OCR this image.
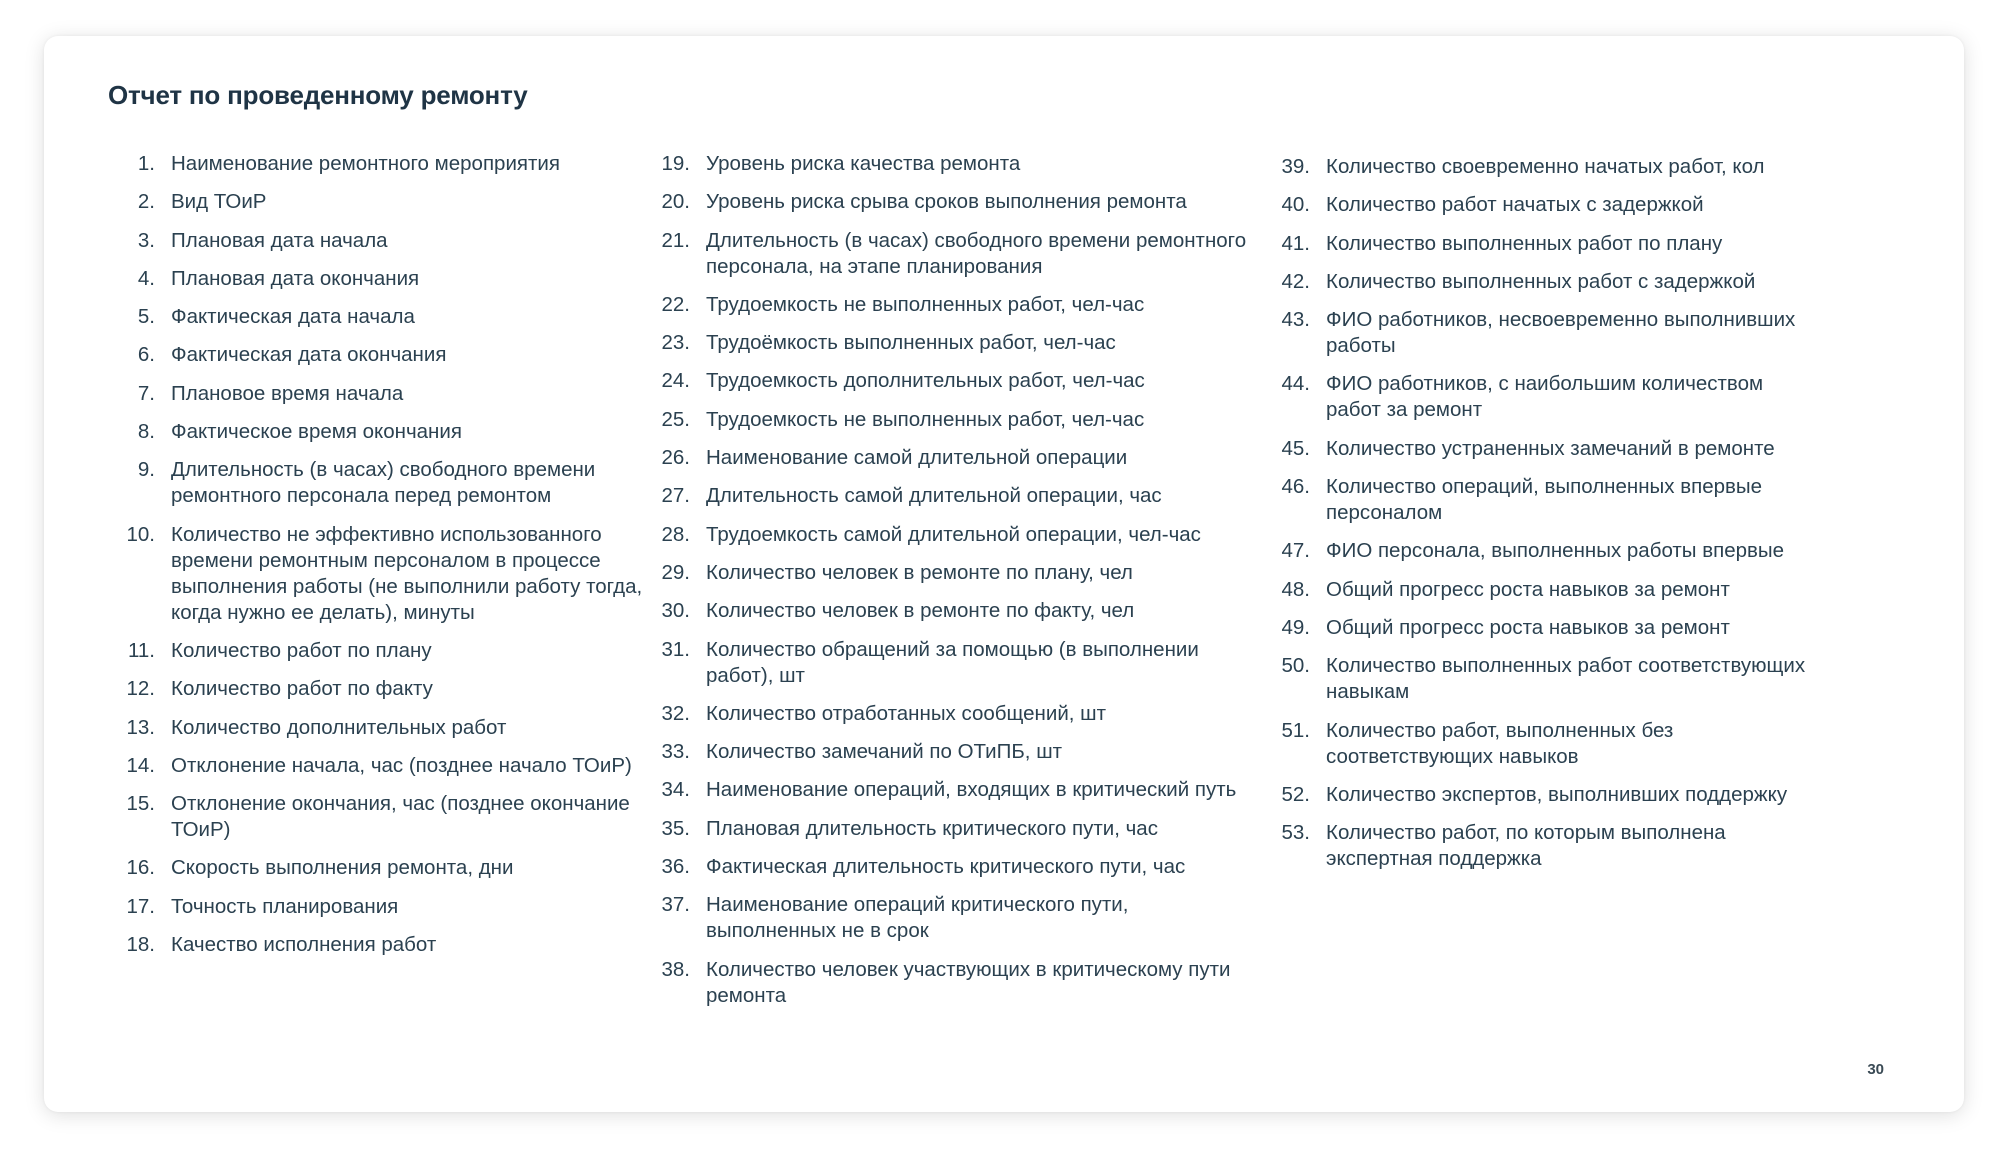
Отчет по проведенному ремонту
1. Наименование ремонтного мероприятия
2. Вид ТОиР
3. Плановая дата начала
4. Плановая дата окончания
5. Фактическая дата начала
6. Фактическая дата окончания
7. Плановое время начала
8. Фактическое время окончания
9. Длительность (в часах) свободного времени ремонтного персонала перед ремонтом
10. Количество не эффективно использованного времени ремонтным персоналом в процессе выполнения работы (не выполнили работу тогда, когда нужно ее делать), минуты
11. Количество работ по плану
12. Количество работ по факту
13. Количество дополнительных работ
14. Отклонение начала, час (позднее начало ТОиР)
15. Отклонение окончания, час (позднее окончание ТОиР)
16. Скорость выполнения ремонта, дни
17. Точность планирования
18. Качество исполнения работ
19. Уровень риска качества ремонта
20. Уровень риска срыва сроков выполнения ремонта
21. Длительность (в часах) свободного времени ремонтного персонала, на этапе планирования
22. Трудоемкость не выполненных работ, чел-час
23. Трудоёмкость выполненных работ, чел-час
24. Трудоемкость дополнительных работ, чел-час
25. Трудоемкость не выполненных работ, чел-час
26. Наименование самой длительной операции
27. Длительность самой длительной операции, час
28. Трудоемкость самой длительной операции, чел-час
29. Количество человек в ремонте по плану, чел
30. Количество человек в ремонте по факту, чел
31. Количество обращений за помощью (в выполнении работ), шт
32. Количество отработанных сообщений, шт
33. Количество замечаний по ОТиПБ, шт
34. Наименование операций, входящих в критический путь
35. Плановая длительность критического пути, час
36. Фактическая длительность критического пути, час
37. Наименование операций критического пути, выполненных не в срок
38. Количество человек участвующих в критическому пути ремонта
39. Количество своевременно начатых работ, кол
40. Количество работ начатых с задержкой
41. Количество выполненных работ по плану
42. Количество выполненных работ с задержкой
43. ФИО работников, несвоевременно выполнивших работы
44. ФИО работников, с наибольшим количеством работ за ремонт
45. Количество устраненных замечаний в ремонте
46. Количество операций, выполненных впервые персоналом
47. ФИО персонала, выполненных работы впервые
48. Общий прогресс роста навыков за ремонт
49. Общий прогресс роста навыков за ремонт
50. Количество выполненных работ соответствующих навыкам
51. Количество работ, выполненных без соответствующих навыков
52. Количество экспертов, выполнивших поддержку
53. Количество работ, по которым выполнена экспертная поддержка
30
